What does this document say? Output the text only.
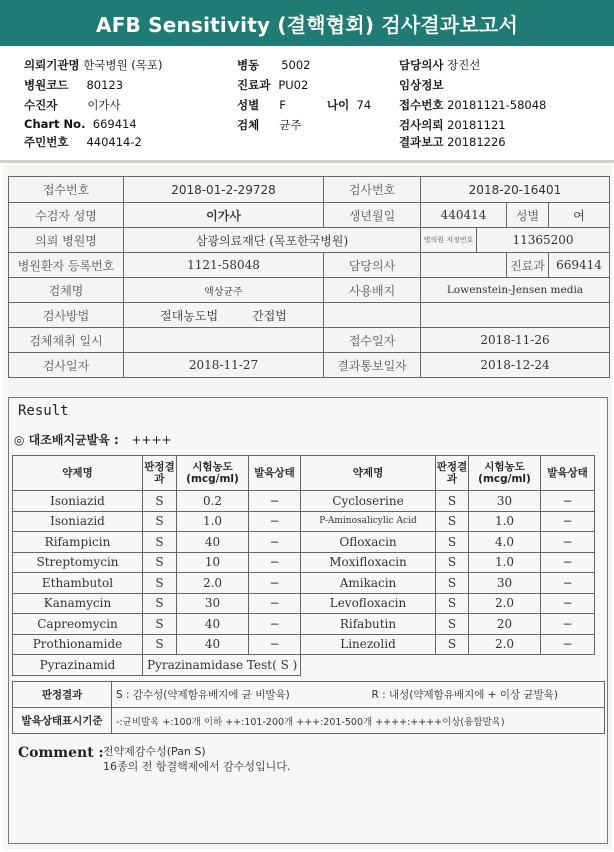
AFB Sensitivity (결핵협회) 검사결과보고서
의뢰기관명 한국병원 (목포)	병동 5002	담당의사 장진선
병원코드 80123	진료과 PU02	임상정보
수진자	이가사	성별 F	나이 74 접수번호 20181121-58048
Chart No. 669414	검체 균주	검사의뢰 20181121
주민번호 440414-2	결과보고 20181226
접수번호	2018-01-2-29728	검사번호	2018-20-16401			
수검자 성명	이가사	생년월일	440414		성별	여
의뢰 병원명	삼광의료재단 (목포한국병원)		병의원 지정번호	11365200		
병원환자 등록번호	1121-58048	담당의사			진료과	669414
검체명	액상균주	사용배지	Lowenstein-Jensen media			
검사방법	절대농도법 간접법					
검체채취 일시		접수일자	2018-11-26			
검사일자	2018-11-27	결과통보일자	2018-12-24			
Result
◎ 대조배지균발육 : ++++
약제명	판정결과	시험농도(mcg/ml)	발육상태	약제명	판정결과	시험농도(mcg/ml)	발육상태
Isoniazid	S	0.2	−	Cycloserine	S	30	−
Isoniazid	S	1.0	−	P-Aminosalicylic Acid	S	1.0	−
Rifampicin	S	40	−	Ofloxacin	S	4.0	−
Streptomycin	S	10	−	Moxifloxacin	S	1.0	−
Ethambutol	S	2.0	−	Amikacin	S	30	−
Kanamycin	S	30	−	Levofloxacin	S	2.0	−
Capreomycin	S	40	−	Rifabutin	S	20	−
Prothionamide	S	40	−	Linezolid	S	2.0	−
Pyrazinamid	Pyrazinamidase Test( S )						
판정결과	S : 감수성(약제함유배지에 균 비발육)	R : 내성(약제함유배지에 + 이상 균발육)
발육상태표시기준	-:균비발육 +:100개 이하 ++:101-200개 +++:201-500개 ++++:++++이상(융합발육)	
Comment : 전약제감수성(Pan S)
16종의 전 항결핵제에서 감수성입니다.
